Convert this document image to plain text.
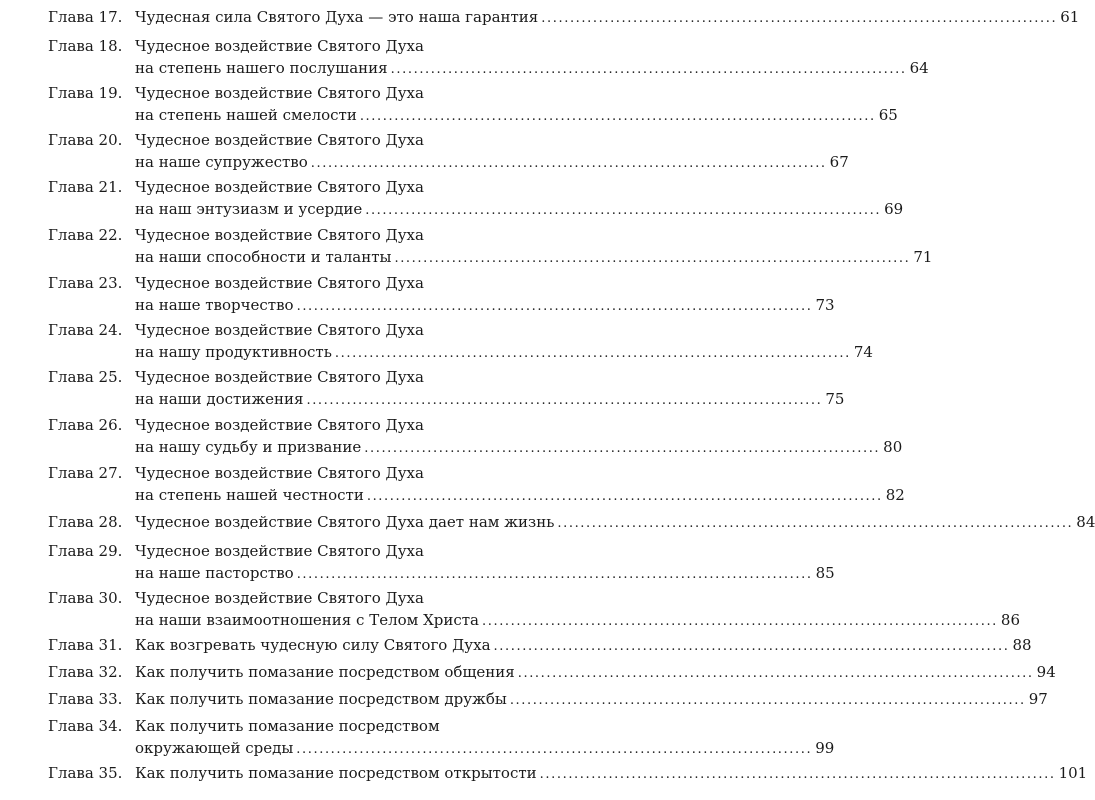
Глава 17. Чудесная сила Святого Духа — это наша гарантия .......................................................................................... 61
Глава 18. Чудесное воздействие Святого Духа
на степень нашего послушания .......................................................................................... 64
Глава 19. Чудесное воздействие Святого Духа
на степень нашей смелости .......................................................................................... 65
Глава 20. Чудесное воздействие Святого Духа
на наше супружество .......................................................................................... 67
Глава 21. Чудесное воздействие Святого Духа
на наш энтузиазм и усердие .......................................................................................... 69
Глава 22. Чудесное воздействие Святого Духа
на наши способности и таланты .......................................................................................... 71
Глава 23. Чудесное воздействие Святого Духа
на наше творчество .......................................................................................... 73
Глава 24. Чудесное воздействие Святого Духа
на нашу продуктивность .......................................................................................... 74
Глава 25. Чудесное воздействие Святого Духа
на наши достижения .......................................................................................... 75
Глава 26. Чудесное воздействие Святого Духа
на нашу судьбу и призвание .......................................................................................... 80
Глава 27. Чудесное воздействие Святого Духа
на степень нашей честности .......................................................................................... 82
Глава 28. Чудесное воздействие Святого Духа дает нам жизнь .......................................................................................... 84
Глава 29. Чудесное воздействие Святого Духа
на наше пасторство .......................................................................................... 85
Глава 30. Чудесное воздействие Святого Духа
на наши взаимоотношения с Телом Христа .......................................................................................... 86
Глава 31. Как возгревать чудесную силу Святого Духа .......................................................................................... 88
Глава 32. Как получить помазание посредством общения .......................................................................................... 94
Глава 33. Как получить помазание посредством дружбы .......................................................................................... 97
Глава 34. Как получить помазание посредством
окружающей среды .......................................................................................... 99
Глава 35. Как получить помазание посредством открытости .......................................................................................... 101
